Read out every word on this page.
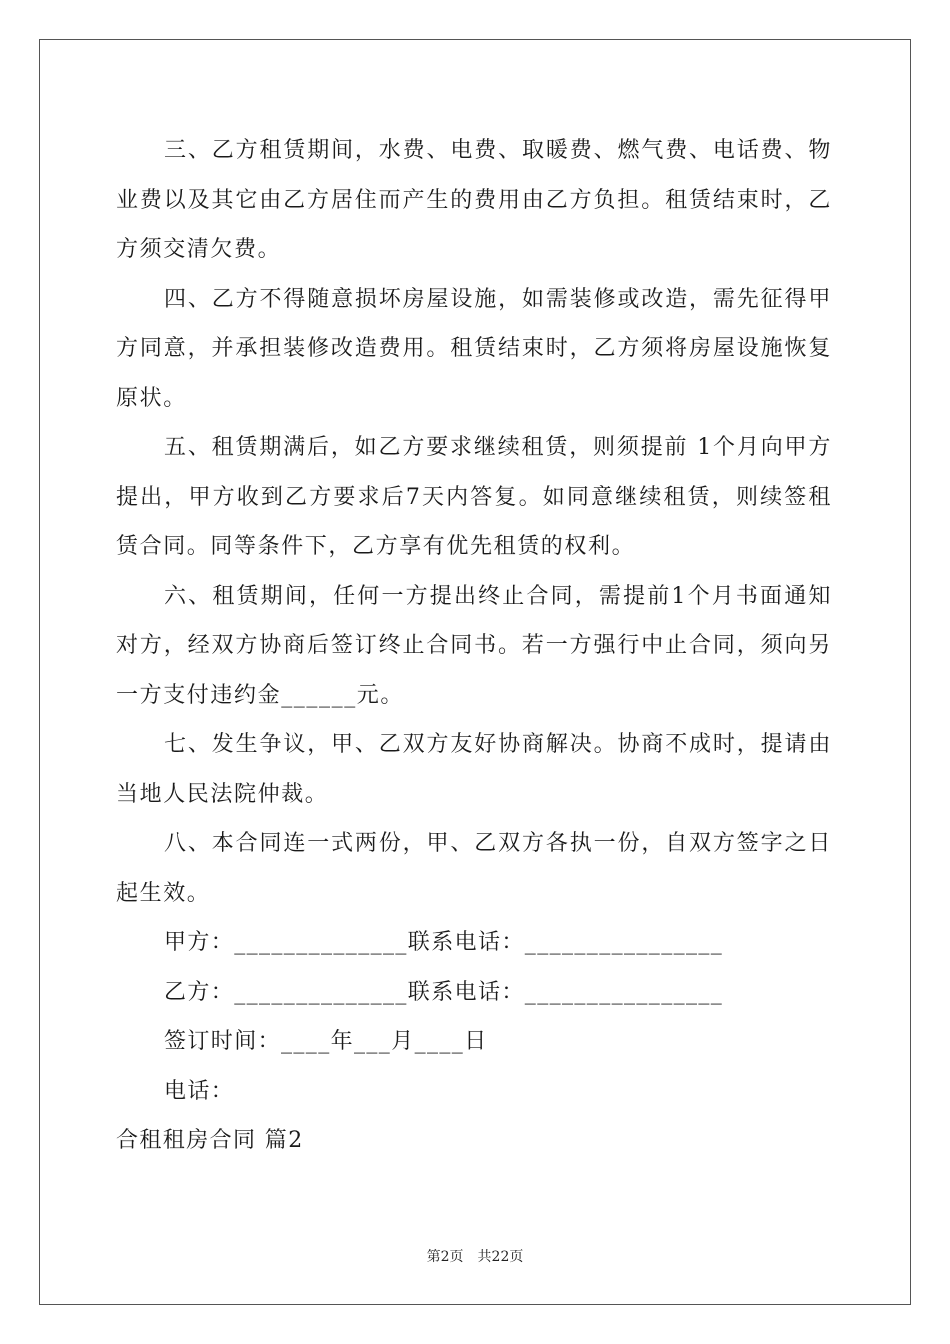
三、乙方租赁期间，水费、电费、取暖费、燃气费、电话费、物业费以及其它由乙方居住而产生的费用由乙方负担。租赁结束时，乙方须交清欠费。

四、乙方不得随意损坏房屋设施，如需装修或改造，需先征得甲方同意，并承担装修改造费用。租赁结束时，乙方须将房屋设施恢复原状。

五、租赁期满后，如乙方要求继续租赁，则须提前 1个月向甲方提出，甲方收到乙方要求后7天内答复。如同意继续租赁，则续签租赁合同。同等条件下，乙方享有优先租赁的权利。

六、租赁期间，任何一方提出终止合同，需提前1个月书面通知对方，经双方协商后签订终止合同书。若一方强行中止合同，须向另一方支付违约金______元。

七、发生争议，甲、乙双方友好协商解决。协商不成时，提请由当地人民法院仲裁。

八、本合同连一式两份，甲、乙双方各执一份，自双方签字之日起生效。

甲方：______________联系电话：________________

乙方：______________联系电话：________________

签订时间：____年___月____日

电话：

合租租房合同 篇2

第2页　共22页
